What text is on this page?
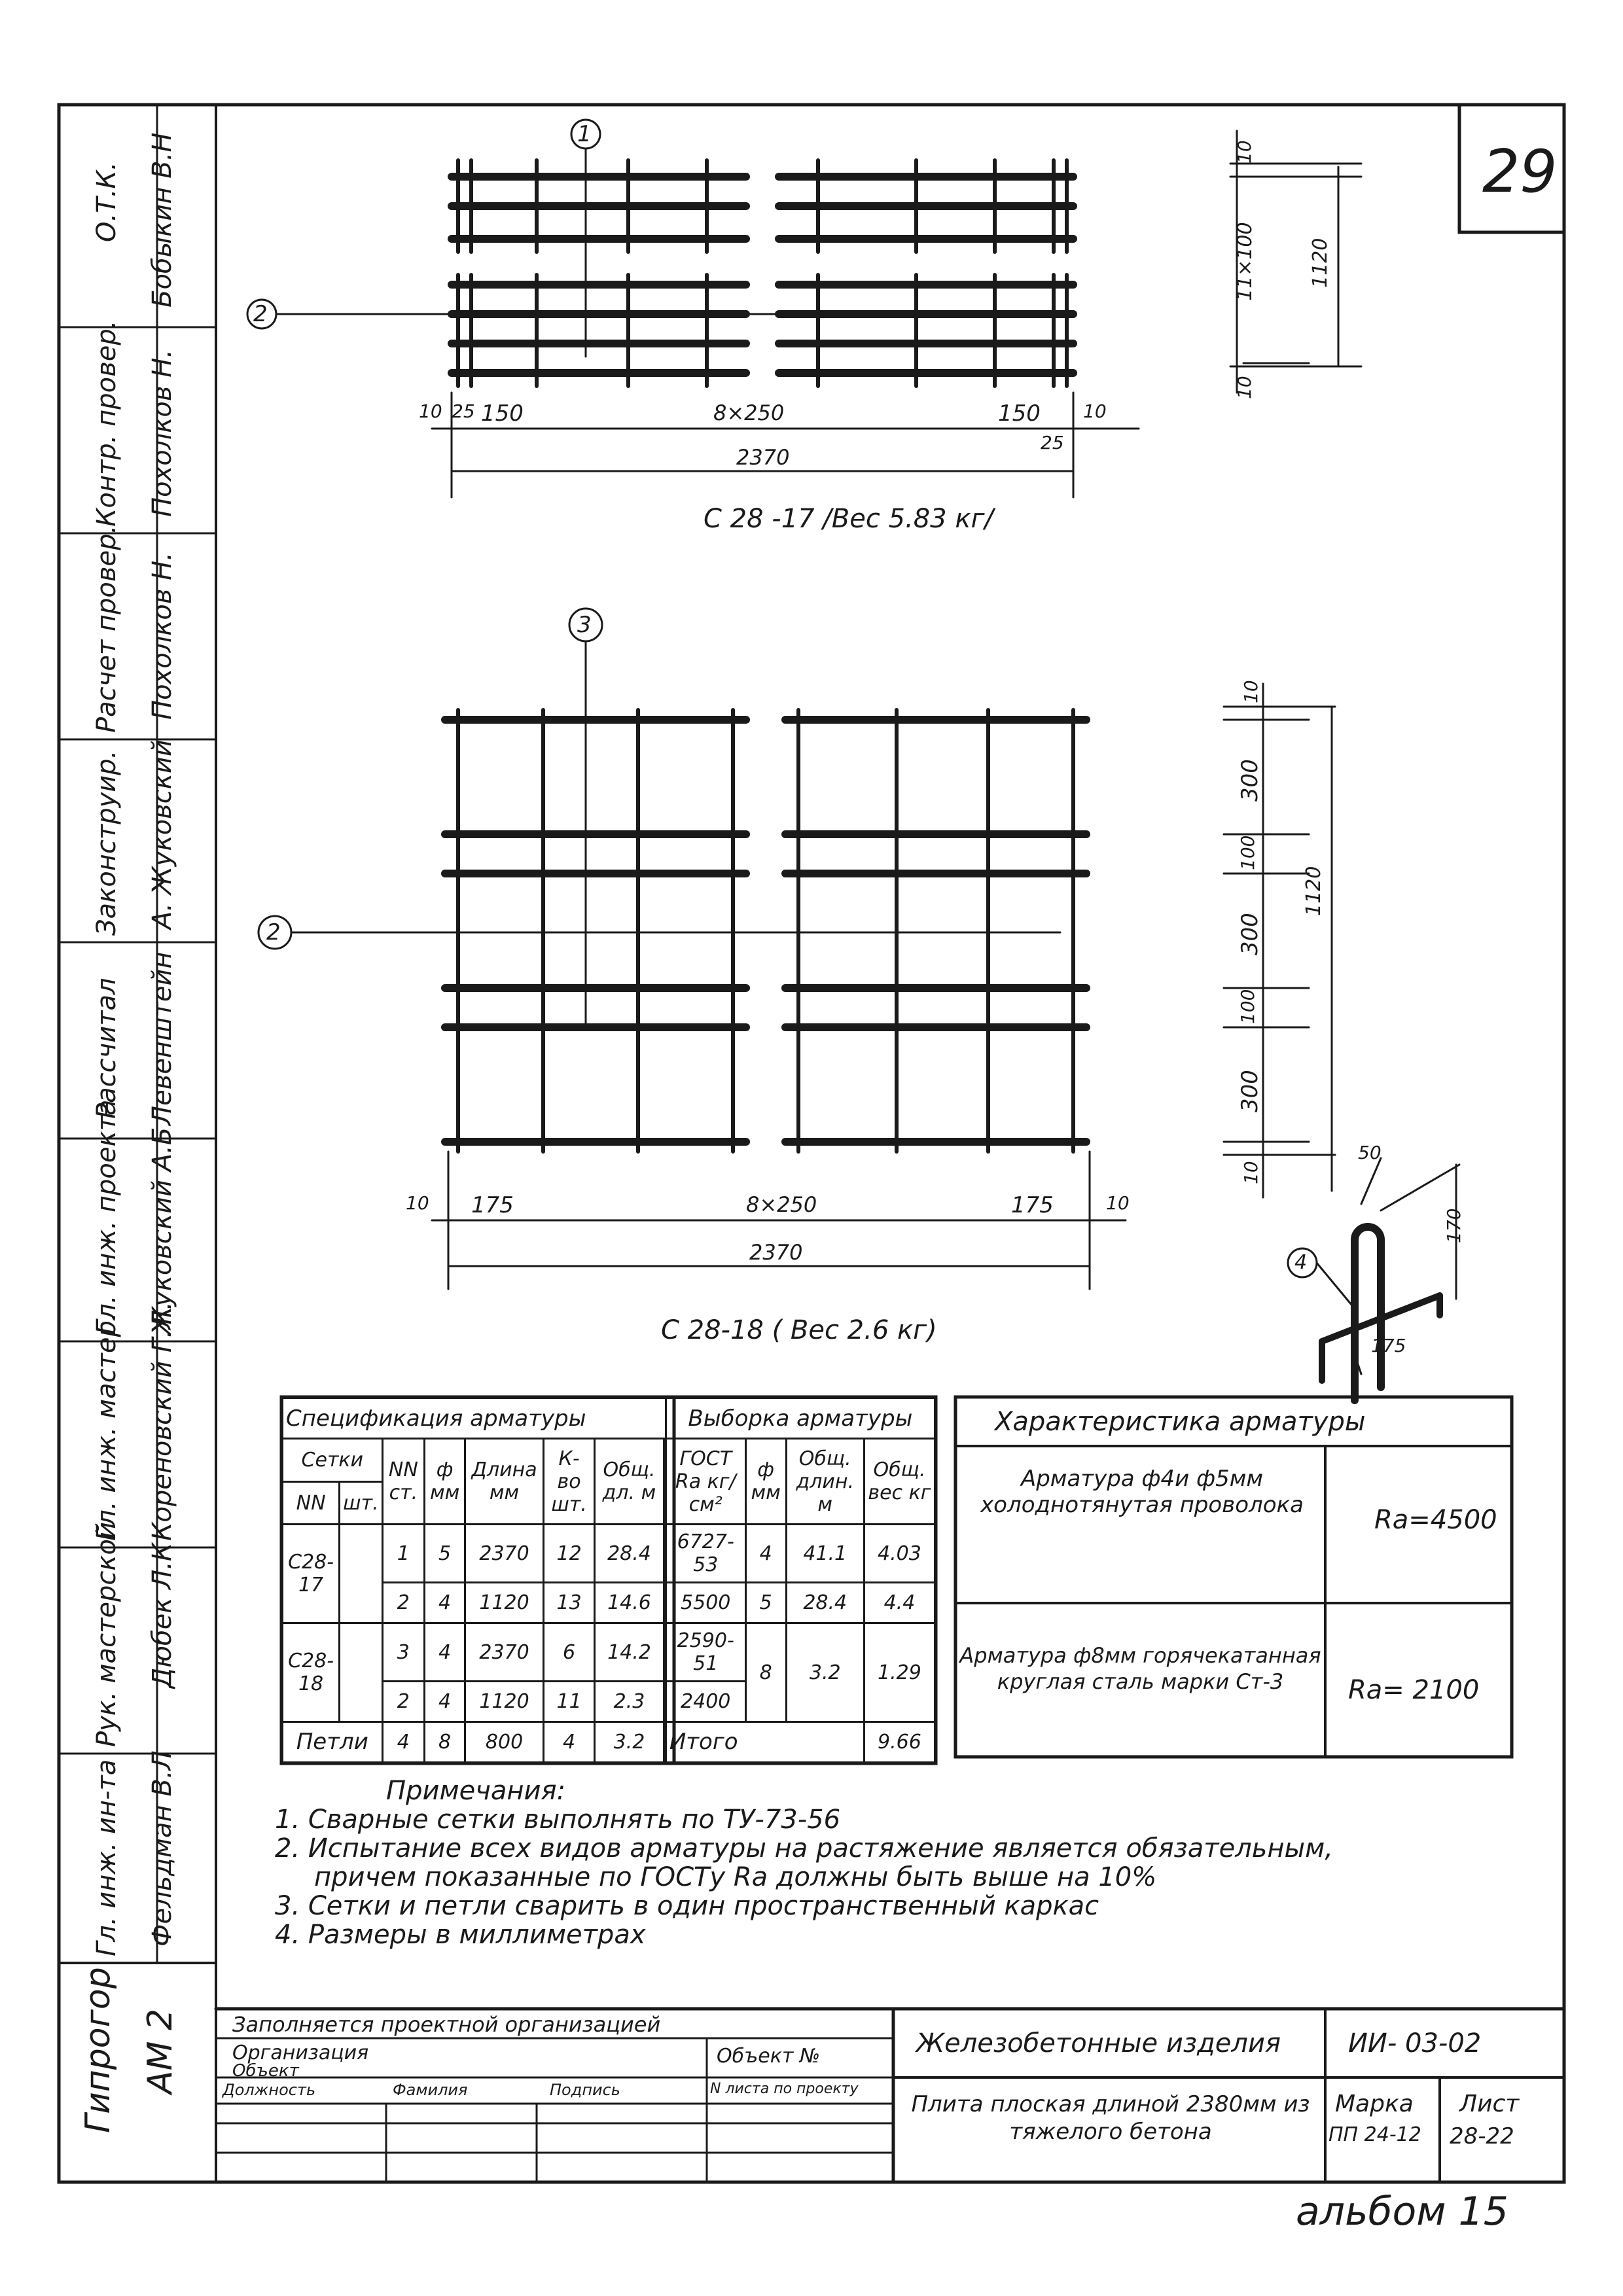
29
О.Т.К. Бобыкин В.Н
Контр. провер. Похолков Н.
Расчет провер. Похолков Н.
Законструир. А. Жуковский
Рассчитал Левенштейн
Гл. инж. проекта Жуковский А.Б
Гл. инж. мастер. Кореновский Г.Л.
Рук. мастерской Дюбек Л.К
Гл. инж. ин-та Фельдман В.Л
Гипрогор АМ 2
1
2
10 25 150	8×250	150 10
25
2370
10
11×100
10
1120
С 28 -17 /Вес 5.83 кг/
3
2
10 175	8×250	175	10
2370
10
300
100
300
100
300
10
1120
С 28-18 ( Вес 2.6 кг)
4
50
170
175
Спецификация арматуры								Выборка арматуры			
Сетки		NN ст.	ф мм	Длина мм	К-во шт.	Общ. дл. м		ГОСТ Rа кг/см²	ф мм	Общ. длин. м	Общ. вес кг
NN	шт.										
С28-17		1	5	2370	12	28.4		6727-53	4	41.1	4.03
		2	4	1120	13	14.6		5500	5	28.4	4.4
С28-18		3	4	2370	6	14.2		2590-51	8	3.2	1.29
		2	4	1120	11	2.3		2400			
Петли		4	8	800	4	3.2		Итого			9.66
Характеристика арматуры
Арматура ф4и ф5мм холоднотянутая проволока	Ra=4500
Арматура ф8мм горячекатанная круглая сталь марки Ст-3	Ra= 2100
Примечания:
1. Сварные сетки выполнять по ТУ-73-56
2. Испытание всех видов арматуры на растяжение является обязательным,
причем показанные по ГОСТу Rа должны быть выше на 10%
3. Сетки и петли сварить в один пространственный каркас
4. Размеры в миллиметрах
Заполняется проектной организацией
Организация
Объект
Объект №
Должность	Фамилия	Подпись	N листа по проекту
Железобетонные изделия	ИИ- 03-02
Плита плоская длиной 2380мм из тяжелого бетона
Марка
ПП 24-12
Лист
28-22
альбом 15
